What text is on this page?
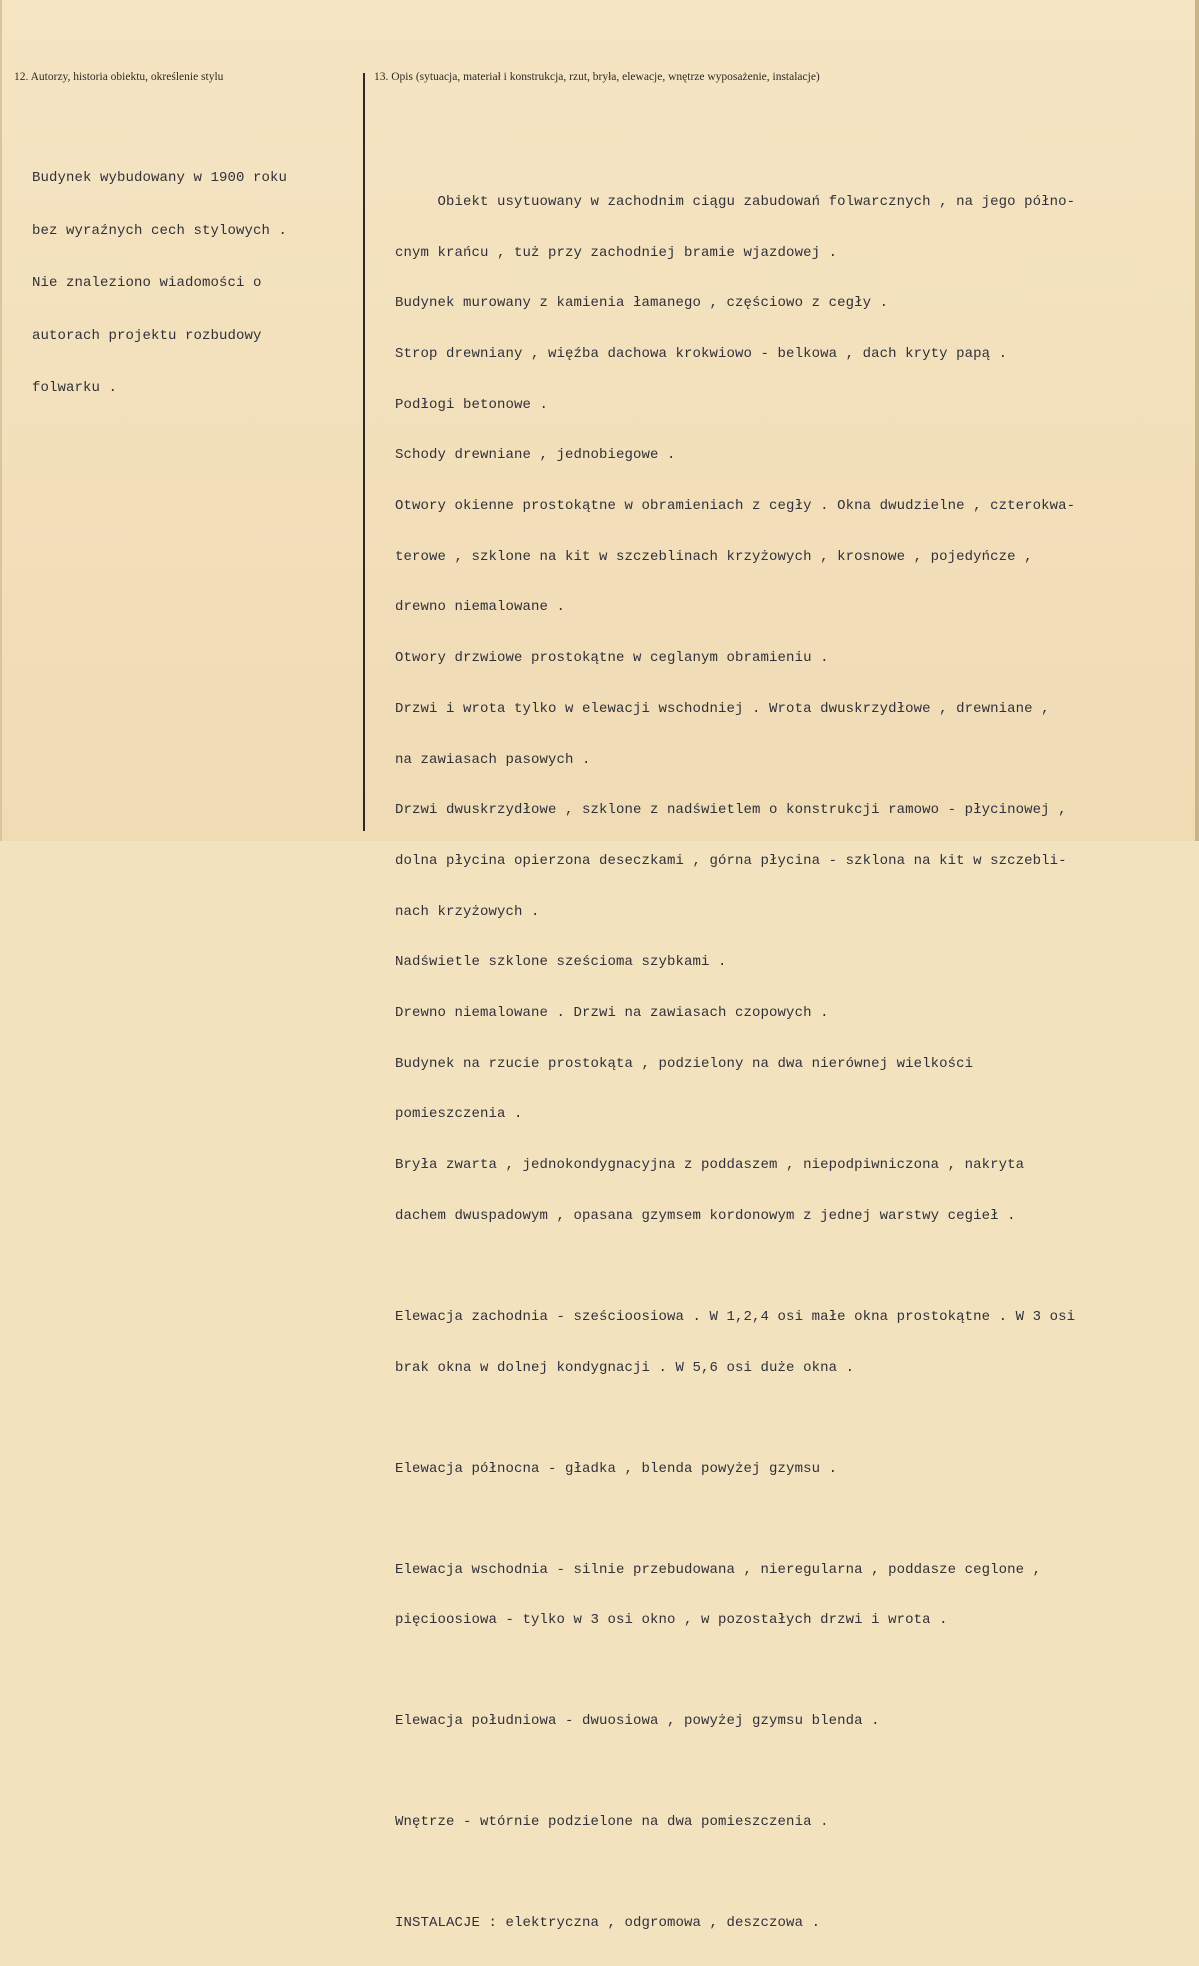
12. Autorzy, historia obiektu, określenie stylu	13. Opis (sytuacja, materiał i konstrukcja, rzut, bryła, elewacje, wnętrze wyposażenie, instalacje)

Budynek wybudowany w 1900 roku

bez wyraźnych cech stylowych .

Nie znaleziono wiadomości o

autorach projektu rozbudowy

folwarku .

Obiekt usytuowany w zachodnim ciągu zabudowań folwarcznych , na jego półno-

cnym krańcu , tuż przy zachodniej bramie wjazdowej .

Budynek murowany z kamienia łamanego , częściowo z cegły .

Strop drewniany , więźba dachowa krokwiowo - belkowa , dach kryty papą .

Podłogi betonowe .

Schody drewniane , jednobiegowe .

Otwory okienne prostokątne w obramieniach z cegły . Okna dwudzielne , czterokwa-

terowe , szklone na kit w szczeblinach krzyżowych , krosnowe , pojedyńcze ,

drewno niemalowane .

Otwory drzwiowe prostokątne w ceglanym obramieniu .

Drzwi i wrota tylko w elewacji wschodniej . Wrota dwuskrzydłowe , drewniane ,

na zawiasach pasowych .

Drzwi dwuskrzydłowe , szklone z nadświetlem o konstrukcji ramowo - płycinowej ,

dolna płycina opierzona deseczkami , górna płycina - szklona na kit w szczebli-

nach krzyżowych .

Nadświetle szklone sześcioma szybkami .

Drewno niemalowane . Drzwi na zawiasach czopowych .

Budynek na rzucie prostokąta , podzielony na dwa nierównej wielkości

pomieszczenia .

Bryła zwarta , jednokondygnacyjna z poddaszem , niepodpiwniczona , nakryta

dachem dwuspadowym , opasana gzymsem kordonowym z jednej warstwy cegieł .

Elewacja zachodnia - sześcioosiowa . W 1,2,4 osi małe okna prostokątne . W 3 osi

brak okna w dolnej kondygnacji . W 5,6 osi duże okna .

Elewacja północna - gładka , blenda powyżej gzymsu .

Elewacja wschodnia - silnie przebudowana , nieregularna , poddasze ceglone ,

pięcioosiowa - tylko w 3 osi okno , w pozostałych drzwi i wrota .

Elewacja południowa - dwuosiowa , powyżej gzymsu blenda .

Wnętrze - wtórnie podzielone na dwa pomieszczenia .

INSTALACJE : elektryczna , odgromowa , deszczowa .
